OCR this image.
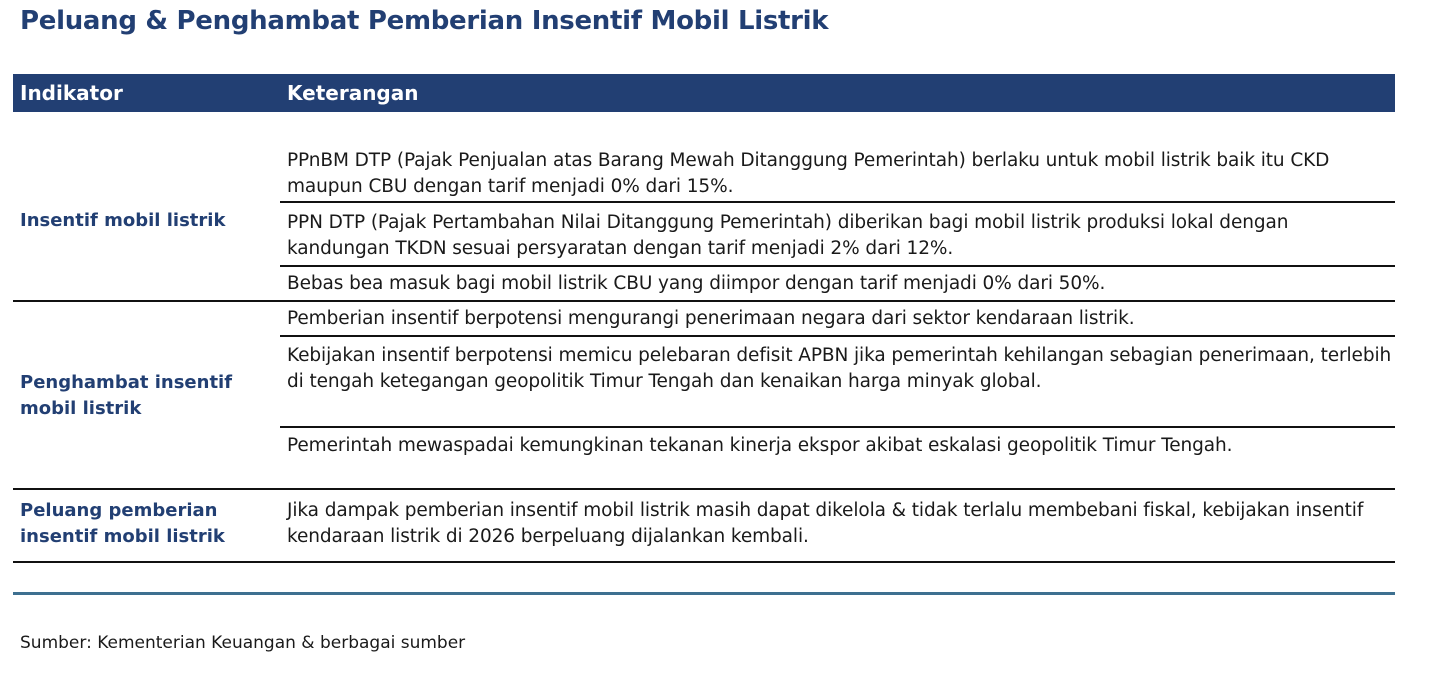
Peluang & Penghambat Pemberian Insentif Mobil Listrik
Indikator	Keterangan
Insentif mobil listrik
PPnBM DTP (Pajak Penjualan atas Barang Mewah Ditanggung Pemerintah) berlaku untuk mobil listrik baik itu CKD maupun CBU dengan tarif menjadi 0% dari 15%.
PPN DTP (Pajak Pertambahan Nilai Ditanggung Pemerintah) diberikan bagi mobil listrik produksi lokal dengan kandungan TKDN sesuai persyaratan dengan tarif menjadi 2% dari 12%.
Bebas bea masuk bagi mobil listrik CBU yang diimpor dengan tarif menjadi 0% dari 50%.
Penghambat insentif mobil listrik
Pemberian insentif berpotensi mengurangi penerimaan negara dari sektor kendaraan listrik.
Kebijakan insentif berpotensi memicu pelebaran defisit APBN jika pemerintah kehilangan sebagian penerimaan, terlebih di tengah ketegangan geopolitik Timur Tengah dan kenaikan harga minyak global.
Pemerintah mewaspadai kemungkinan tekanan kinerja ekspor akibat eskalasi geopolitik Timur Tengah.
Peluang pemberian insentif mobil listrik
Jika dampak pemberian insentif mobil listrik masih dapat dikelola & tidak terlalu membebani fiskal, kebijakan insentif kendaraan listrik di 2026 berpeluang dijalankan kembali.
Sumber: Kementerian Keuangan & berbagai sumber
